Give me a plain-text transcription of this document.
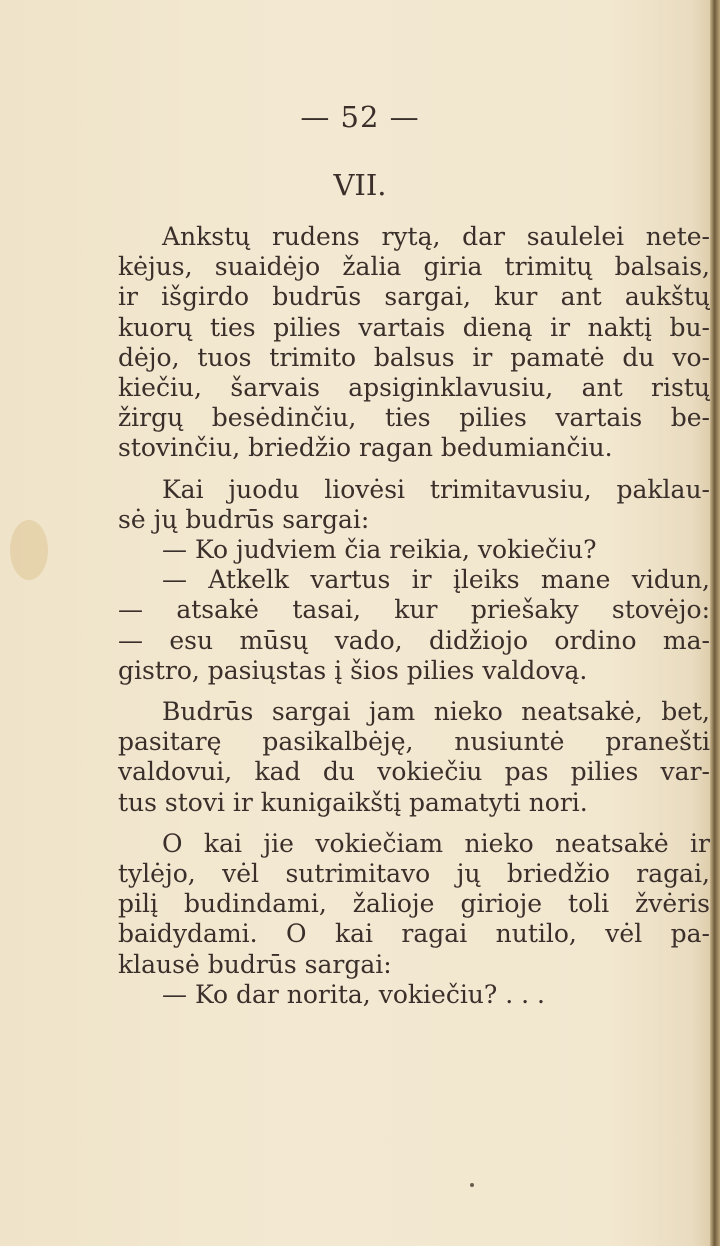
— 52 —
VII.
Ankstų rudens rytą, dar saulelei nete-
kėjus, suaidėjo žalia giria trimitų balsais,
ir išgirdo budrūs sargai, kur ant aukštų
kuorų ties pilies vartais dieną ir naktį bu-
dėjo, tuos trimito balsus ir pamatė du vo-
kiečiu, šarvais apsiginklavusiu, ant ristų
žirgų besėdinčiu, ties pilies vartais be-
stovinčiu, briedžio ragan bedumiančiu.
Kai juodu liovėsi trimitavusiu, paklau-
sė jų budrūs sargai:
— Ko judviem čia reikia, vokiečiu?
— Atkelk vartus ir įleiks mane vidun,
— atsakė tasai, kur priešaky stovėjo:
— esu mūsų vado, didžiojo ordino ma-
gistro, pasiųstas į šios pilies valdovą.
Budrūs sargai jam nieko neatsakė, bet,
pasitarę pasikalbėję, nusiuntė pranešti
valdovui, kad du vokiečiu pas pilies var-
tus stovi ir kunigaikštį pamatyti nori.
O kai jie vokiečiam nieko neatsakė ir
tylėjo, vėl sutrimitavo jų briedžio ragai,
pilį budindami, žalioje girioje toli žvėris
baidydami. O kai ragai nutilo, vėl pa-
klausė budrūs sargai:
— Ko dar norita, vokiečiu? . . .
